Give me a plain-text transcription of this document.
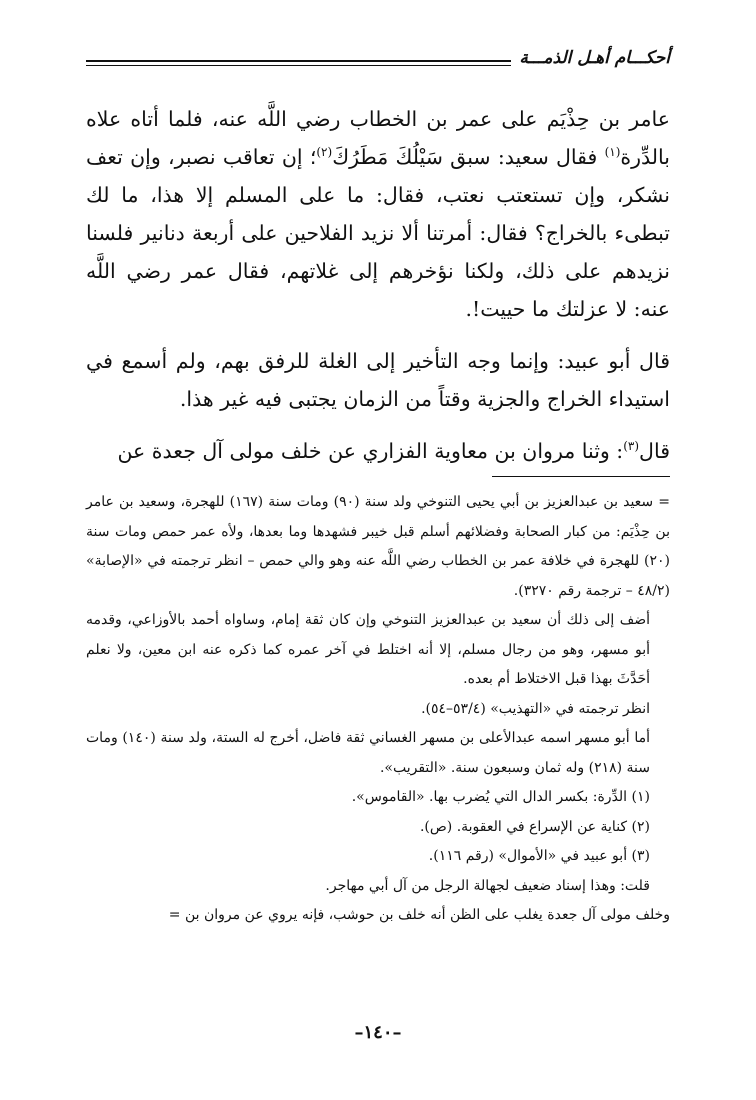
أحكـــام أهـل الذمـــة

عامر بن حِذْيَم على عمر بن الخطاب رضي اللَّه عنه، فلما أتاه علاه بالدِّرة$^{(١)}$ فقال سعيد: سبق سَيْلُكَ مَطَرُكَ$^{(٢)}$؛ إن تعاقب نصبر، وإن تعف نشكر، وإن تستعتب نعتب، فقال: ما على المسلم إلا هذا، ما لك تبطىء بالخراج؟ فقال: أمرتنا ألا نزيد الفلاحين على أربعة دنانير فلسنا نزيدهم على ذلك، ولكنا نؤخرهم إلى غلاتهم، فقال عمر رضي اللَّه عنه: لا عزلتك ما حييت!.

قال أبو عبيد: وإنما وجه التأخير إلى الغلة للرفق بهم، ولم أسمع في استيداء الخراج والجزية وقتاً من الزمان يجتبى فيه غير هذا.

قال$^{(٣)}$: وثنا مروان بن معاوية الفزاري عن خلف مولى آل جعدة عن

= سعيد بن عبدالعزيز بن أبي يحيى التنوخي ولد سنة (٩٠) ومات سنة (١٦٧) للهجرة، وسعيد بن عامر بن حِذْيَم: من كبار الصحابة وفضلائهم أسلم قبل خيبر فشهدها وما بعدها، ولأه عمر حمص ومات سنة (٢٠) للهجرة في خلافة عمر بن الخطاب رضي اللَّه عنه وهو والي حمص – انظر ترجمته في «الإصابة» (٤٨/٢ – ترجمة رقم ٣٢٧٠).

أضف إلى ذلك أن سعيد بن عبدالعزيز التنوخي وإن كان ثقة إمام، وساواه أحمد بالأوزاعي، وقدمه أبو مسهر، وهو من رجال مسلم، إلا أنه اختلط في آخر عمره كما ذكره عنه ابن معين، ولا نعلم أحَدَّثَ بهذا قبل الاختلاط أم بعده.

انظر ترجمته في «التهذيب» (٥٣/٤–٥٤).

أما أبو مسهر اسمه عبدالأعلى بن مسهر الغساني ثقة فاضل، أخرج له الستة، ولد سنة (١٤٠) ومات سنة (٢١٨) وله ثمان وسبعون سنة. «التقريب».

(١) الدِّرة: بكسر الدال التي يُضرب بها. «القاموس».

(٢) كناية عن الإسراع في العقوبة. (ص).

(٣) أبو عبيد في «الأموال» (رقم ١١٦).

قلت: وهذا إسناد ضعيف لجهالة الرجل من آل أبي مهاجر.

وخلف مولى آل جعدة يغلب على الظن أنه خلف بن حوشب، فإنه يروي عن مروان بن =

–١٤٠–
